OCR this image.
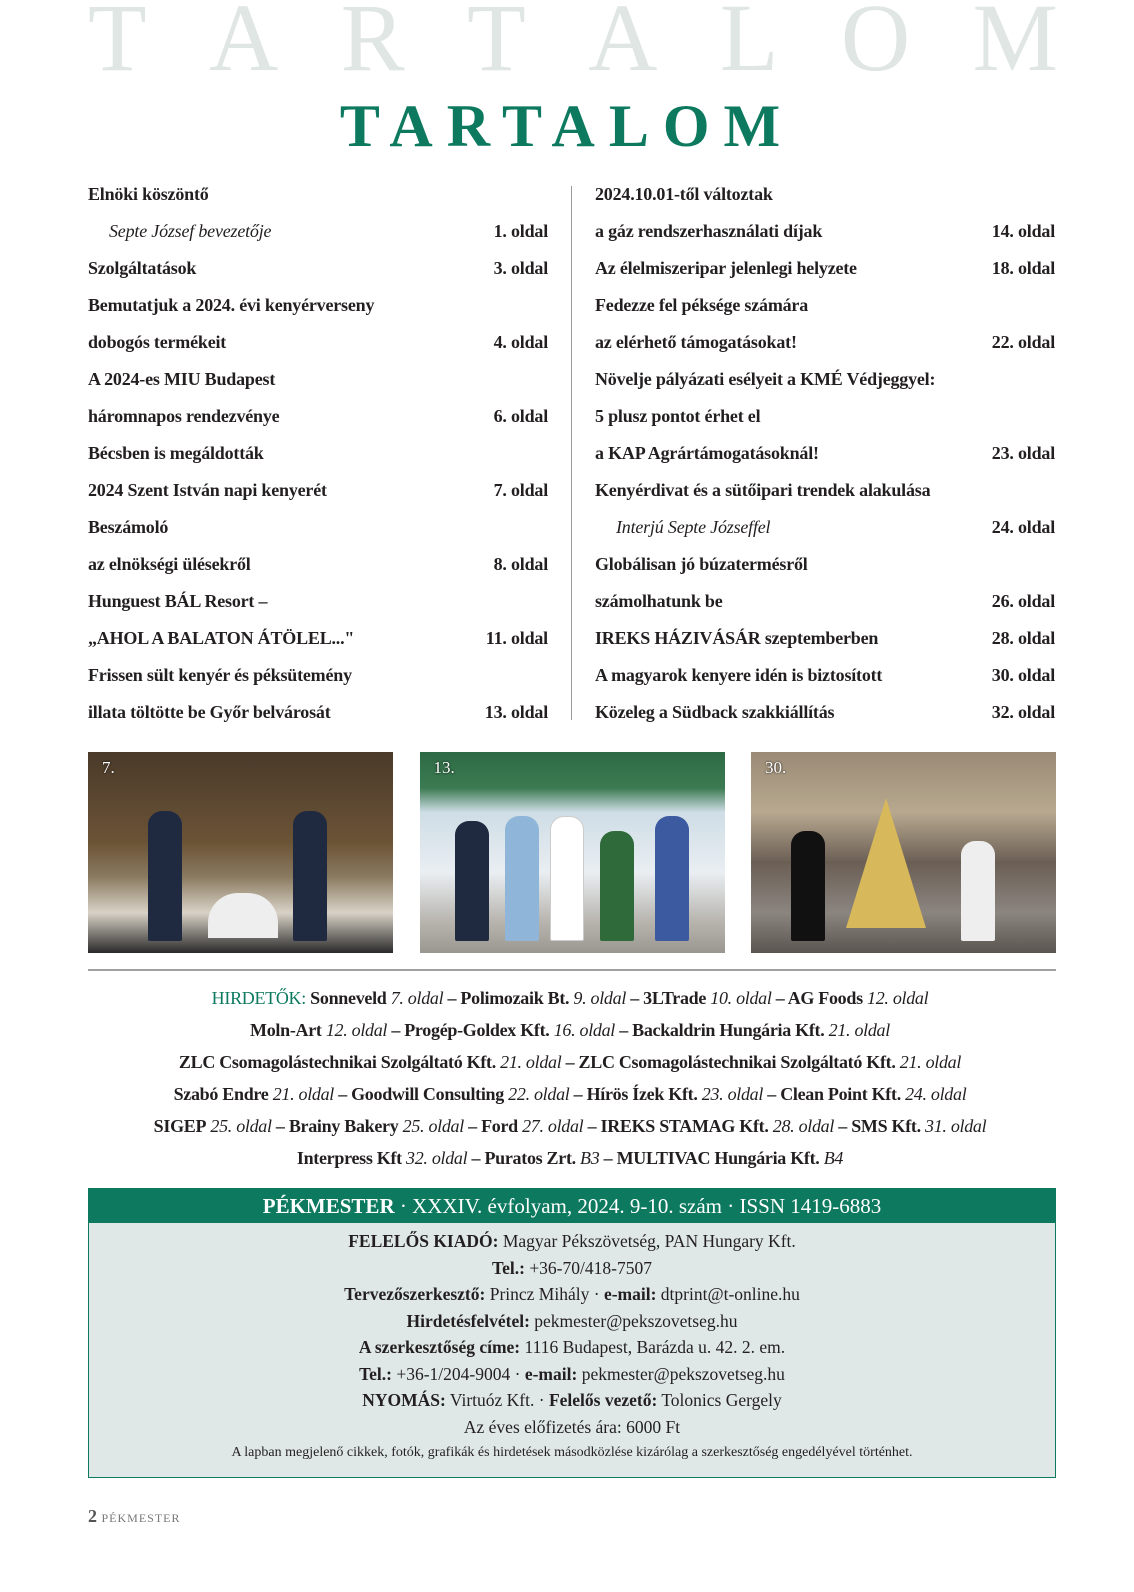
T A R T A L O M
TARTALOM
Elnöki köszöntő
Septe József bevezetője	1. oldal
Szolgáltatások	3. oldal
Bemutatjuk a 2024. évi kenyérverseny
dobogós termékeit	4. oldal
A 2024-es MIU Budapest
háromnapos rendezvénye	6. oldal
Bécsben is megáldották
2024 Szent István napi kenyerét	7. oldal
Beszámoló
az elnökségi ülésekről	8. oldal
Hunguest BÁL Resort –
„AHOL A BALATON ÁTÖLEL..."	11. oldal
Frissen sült kenyér és péksütemény
illata töltötte be Győr belvárosát	13. oldal
2024.10.01-től változtak
a gáz rendszerhasználati díjak	14. oldal
Az élelmiszeripar jelenlegi helyzete	18. oldal
Fedezze fel péksége számára
az elérhető támogatásokat!	22. oldal
Növelje pályázati esélyeit a KMÉ Védjeggyel:
5 plusz pontot érhet el
a KAP Agrártámogatásoknál!	23. oldal
Kenyérdivat és a sütőipari trendek alakulása
Interjú Septe Józseffel	24. oldal
Globálisan jó búzatermésről
számolhatunk be	26. oldal
IREKS HÁZIVÁSÁR szeptemberben	28. oldal
A magyarok kenyere idén is biztosított	30. oldal
Közeleg a Südback szakkiállítás	32. oldal
7.	13.	30.
HIRDETŐK: Sonneveld 7. oldal – Polimozaik Bt. 9. oldal – 3LTrade 10. oldal – AG Foods 12. oldal
Moln-Art 12. oldal – Progép-Goldex Kft. 16. oldal – Backaldrin Hungária Kft. 21. oldal
ZLC Csomagolástechnikai Szolgáltató Kft. 21. oldal – ZLC Csomagolástechnikai Szolgáltató Kft. 21. oldal
Szabó Endre 21. oldal – Goodwill Consulting 22. oldal – Hírös Ízek Kft. 23. oldal – Clean Point Kft. 24. oldal
SIGEP 25. oldal – Brainy Bakery 25. oldal – Ford 27. oldal – IREKS STAMAG Kft. 28. oldal – SMS Kft. 31. oldal
Interpress Kft 32. oldal – Puratos Zrt. B3 – MULTIVAC Hungária Kft. B4
PÉKMESTER · XXXIV. évfolyam, 2024. 9-10. szám · ISSN 1419-6883
FELELŐS KIADÓ: Magyar Pékszövetség, PAN Hungary Kft.
Tel.: +36-70/418-7507
Tervezőszerkesztő: Princz Mihály · e-mail: dtprint@t-online.hu
Hirdetésfelvétel: pekmester@pekszovetseg.hu
A szerkesztőség címe: 1116 Budapest, Barázda u. 42. 2. em.
Tel.: +36-1/204-9004 · e-mail: pekmester@pekszovetseg.hu
NYOMÁS: Virtuóz Kft. · Felelős vezető: Tolonics Gergely
Az éves előfizetés ára: 6000 Ft
A lapban megjelenő cikkek, fotók, grafikák és hirdetések másodközlése kizárólag a szerkesztőség engedélyével történhet.
2 PÉKMESTER
